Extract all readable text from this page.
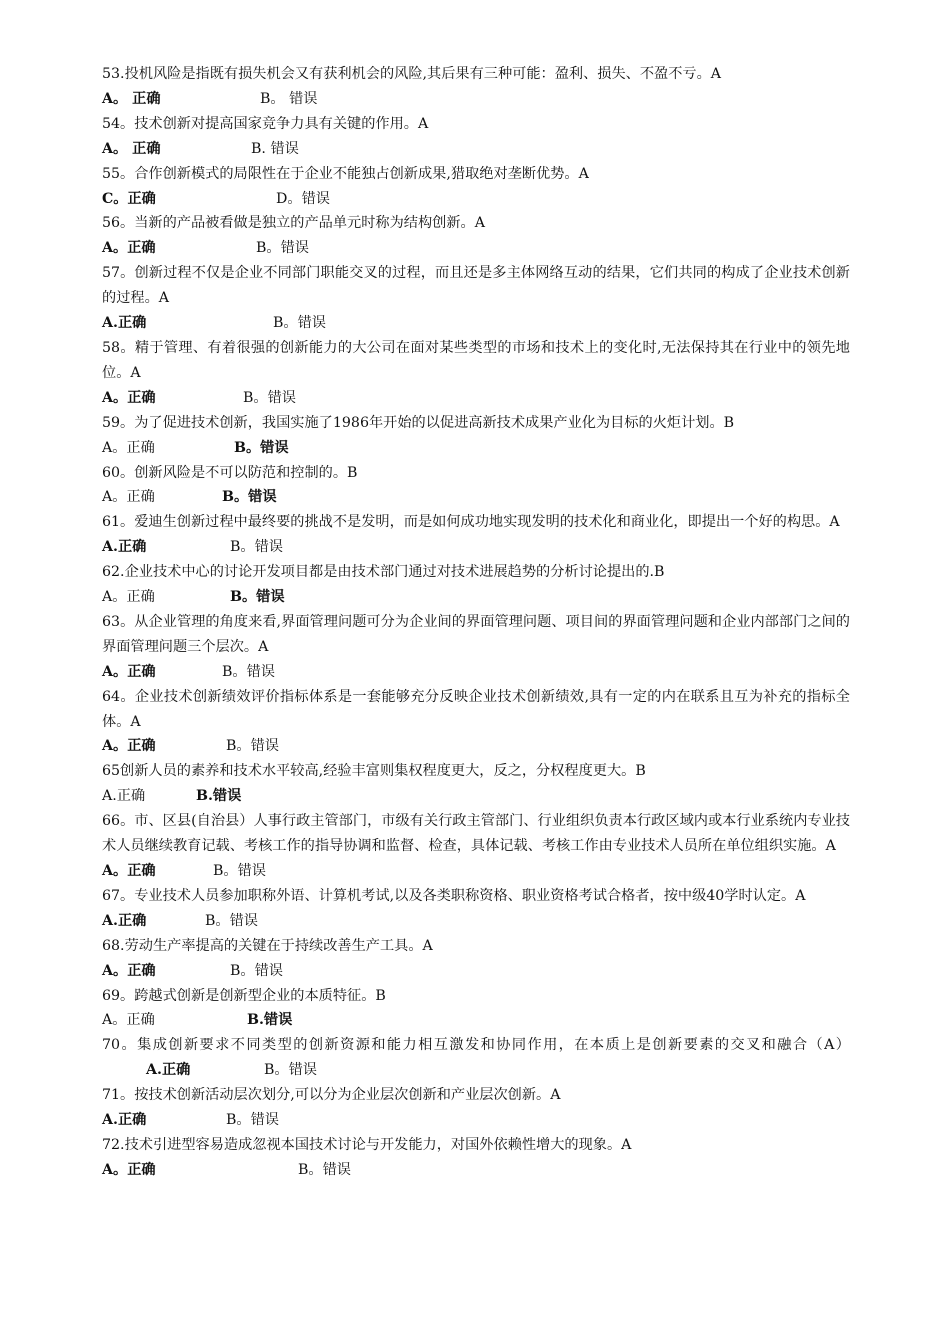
53.投机风险是指既有损失机会又有获利机会的风险,其后果有三种可能：盈利、损失、不盈不亏。A

A。 正确	B。 错误

54。技术创新对提高国家竞争力具有关键的作用。A

A。 正确	B. 错误

55。合作创新模式的局限性在于企业不能独占创新成果,猎取绝对垄断优势。A

C。正确	D。错误

56。当新的产品被看做是独立的产品单元时称为结构创新。A

A。正确	B。错误

57。创新过程不仅是企业不同部门职能交叉的过程，而且还是多主体网络互动的结果，它们共同的构成了企业技术创新的过程。A

A.正确	B。错误

58。精于管理、有着很强的创新能力的大公司在面对某些类型的市场和技术上的变化时,无法保持其在行业中的领先地位。A

A。正确	B。错误

59。为了促进技术创新，我国实施了1986年开始的以促进高新技术成果产业化为目标的火炬计划。B

A。正确	B。错误

60。创新风险是不可以防范和控制的。B

A。正确	B。错误

61。爱迪生创新过程中最终要的挑战不是发明，而是如何成功地实现发明的技术化和商业化，即提出一个好的构思。A

A.正确	B。错误

62.企业技术中心的讨论开发项目都是由技术部门通过对技术进展趋势的分析讨论提出的.B

A。正确	B。错误

63。从企业管理的角度来看,界面管理问题可分为企业间的界面管理问题、项目间的界面管理问题和企业内部部门之间的界面管理问题三个层次。A

A。正确	B。错误

64。企业技术创新绩效评价指标体系是一套能够充分反映企业技术创新绩效,具有一定的内在联系且互为补充的指标全体。A

A。正确	B。错误

65创新人员的素养和技术水平较高,经验丰富则集权程度更大，反之，分权程度更大。B

A.正确	B.错误

66。市、区县(自治县）人事行政主管部门，市级有关行政主管部门、行业组织负责本行政区域内或本行业系统内专业技术人员继续教育记载、考核工作的指导协调和监督、检查，具体记载、考核工作由专业技术人员所在单位组织实施。A

A。正确	B。错误

67。专业技术人员参加职称外语、计算机考试,以及各类职称资格、职业资格考试合格者，按中级40学时认定。A

A.正确	B。错误

68.劳动生产率提高的关键在于持续改善生产工具。A

A。正确	B。错误

69。跨越式创新是创新型企业的本质特征。B

A。正确	B.错误

70。集成创新要求不同类型的创新资源和能力相互激发和协同作用，在本质上是创新要素的交叉和融合（A）A.正确	B。错误

71。按技术创新活动层次划分,可以分为企业层次创新和产业层次创新。A

A.正确	B。错误

72.技术引进型容易造成忽视本国技术讨论与开发能力，对国外依赖性增大的现象。A

A。正确	B。错误
